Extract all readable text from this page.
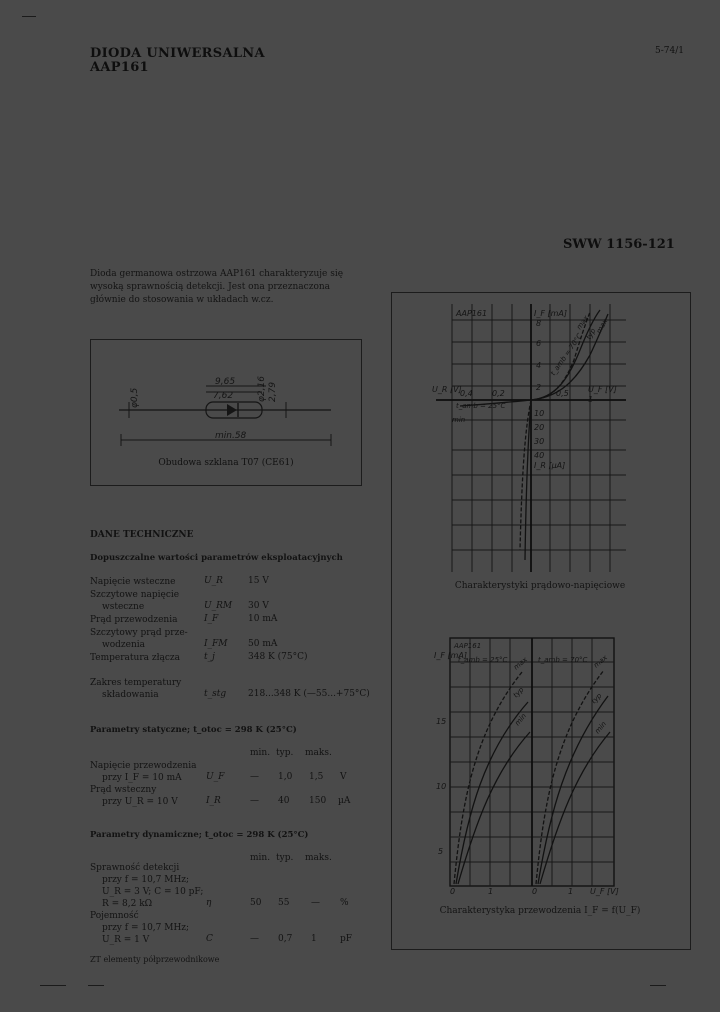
DIODA UNIWERSALNA
AAP161
5-74/1
SWW 1156-121
Dioda germanowa ostrzowa AAP161 charakteryzuje się wysoką sprawnością detekcji. Jest ona przeznaczona głównie do stosowania w układach w.cz.
9,65
7,62
min.58
φ0,5	φ2,16 2,79
Obudowa szklana T07 (CE61)
DANE TECHNICZNE
Dopuszczalne wartości parametrów eksploatacyjnych
Napięcie wsteczne	U_R	15 V
Szczytowe napięcie
wsteczne	U_RM 30 V
Prąd przewodzenia	I_F	10 mA
Szczytowy prąd prze-
wodzenia	I_FM 50 mA
Temperatura złącza	t_j	348 K (75°C)
Zakres temperatury
składowania	t_stg 218...348 K (—55...+75°C)
Parametry statyczne; t_otoc = 298 K (25°C)
min. typ. maks.
Napięcie przewodzenia
przy I_F = 10 mA	U_F	— 1,0 1,5 V
Prąd wsteczny
przy U_R = 10 V	I_R	— 40 150 µA
Parametry dynamiczne; t_otoc = 298 K (25°C)
min. typ. maks.
Sprawność detekcji
przy f = 10,7 MHz;
U_R = 3 V; C = 10 pF;
R = 8,2 kΩ	η	50 55 — %
Pojemność
przy f = 10,7 MHz;
U_R = 1 V	C	— 0,7 1	pF
ZT elementy półprzewodnikowe
AAP161	I_F [mA]
I_R [µA]
U_R [V]	U_F [V]
0,4 0,2	0,5
1
8
6
4
2
10
20
30
40
t_amb = 25°C
t_amb = 70°C
min
max
typ
max
Charakterystyki prądowo-napięciowe
AAP161
I_F [mA]
U_F [V]
15
10
5
0	1	0	1
t_amb = 25°C	t_amb = 70°C
max	max
typ
min
typ
min
Charakterystyka przewodzenia I_F = f(U_F)
